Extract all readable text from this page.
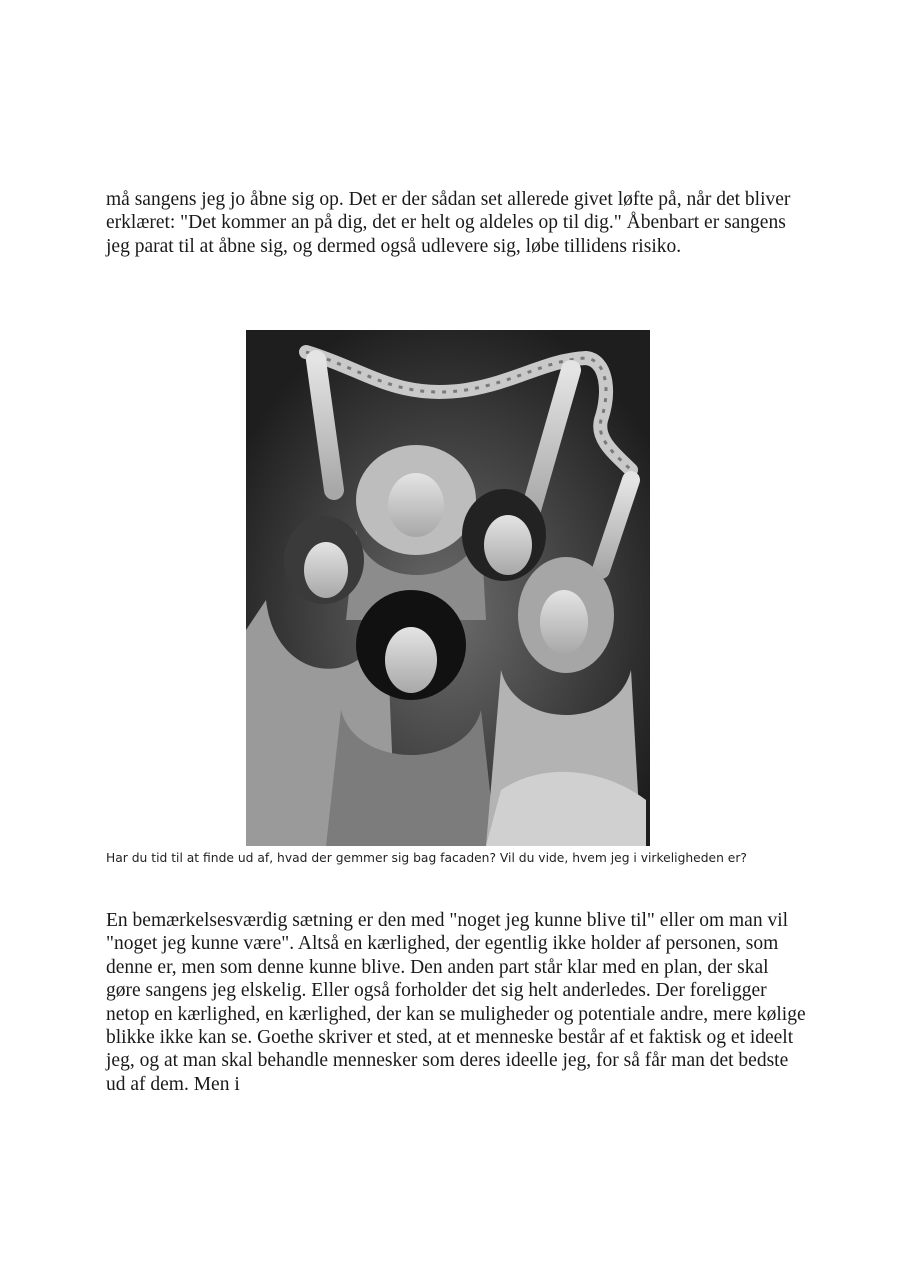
må sangens jeg jo åbne sig op. Det er der sådan set allerede givet løfte på, når det bliver erklæret: "Det kommer an på dig, det er helt og aldeles op til dig." Åbenbart er sangens jeg parat til at åbne sig, og dermed også udlevere sig, løbe tillidens risiko.

Har du tid til at finde ud af, hvad der gemmer sig bag facaden? Vil du vide, hvem jeg i virkeligheden er?

En bemærkelsesværdig sætning er den med "noget jeg kunne blive til" eller om man vil "noget jeg kunne være". Altså en kærlighed, der egentlig ikke holder af personen, som denne er, men som denne kunne blive. Den anden part står klar med en plan, der skal gøre sangens jeg elskelig. Eller også forholder det sig helt anderledes. Der foreligger netop en kærlighed, en kærlighed, der kan se muligheder og potentiale andre, mere kølige blikke ikke kan se. Goethe skriver et sted, at et menneske består af et faktisk og et ideelt jeg, og at man skal behandle mennesker som deres ideelle jeg, for så får man det bedste ud af dem. Men i
